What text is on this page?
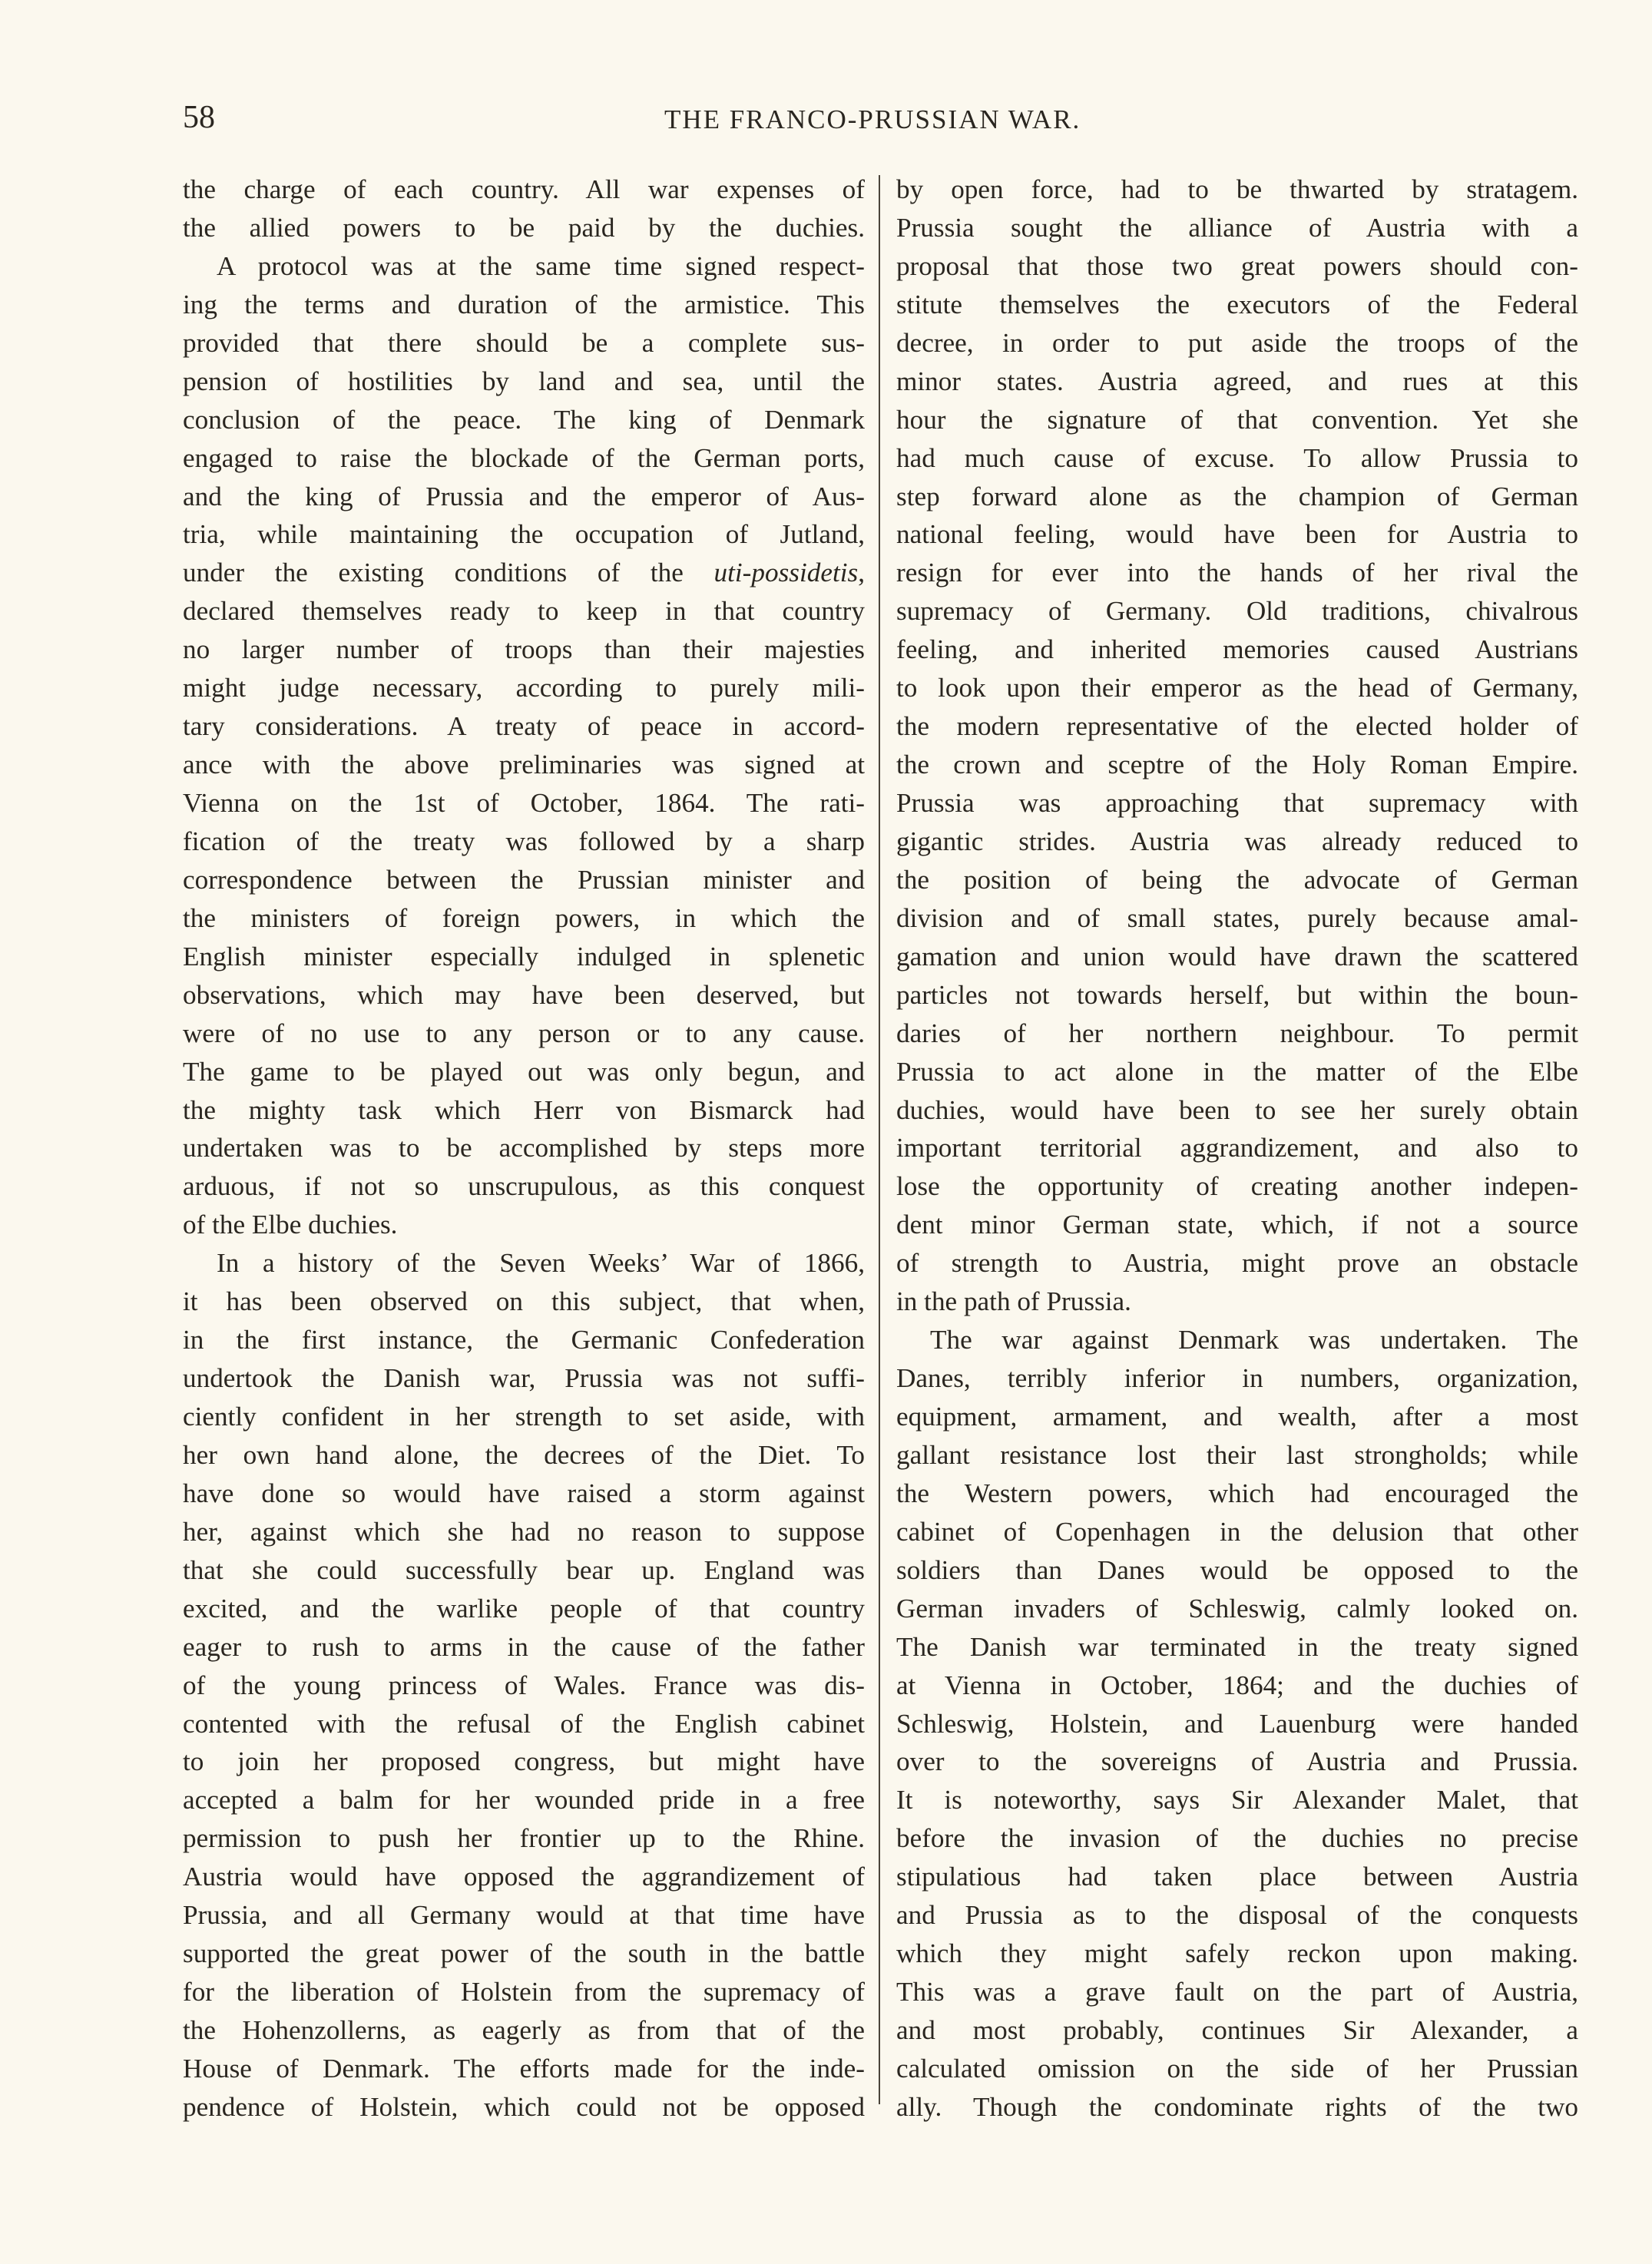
58	THE FRANCO-PRUSSIAN WAR.
the charge of each country. All war expenses of
the allied powers to be paid by the duchies.
A protocol was at the same time signed respect-
ing the terms and duration of the armistice. This
provided that there should be a complete sus-
pension of hostilities by land and sea, until the
conclusion of the peace. The king of Denmark
engaged to raise the blockade of the German ports,
and the king of Prussia and the emperor of Aus-
tria, while maintaining the occupation of Jutland,
under the existing conditions of the uti-possidetis,
declared themselves ready to keep in that country
no larger number of troops than their majesties
might judge necessary, according to purely mili-
tary considerations. A treaty of peace in accord-
ance with the above preliminaries was signed at
Vienna on the 1st of October, 1864. The rati-
fication of the treaty was followed by a sharp
correspondence between the Prussian minister and
the ministers of foreign powers, in which the
English minister especially indulged in splenetic
observations, which may have been deserved, but
were of no use to any person or to any cause.
The game to be played out was only begun, and
the mighty task which Herr von Bismarck had
undertaken was to be accomplished by steps more
arduous, if not so unscrupulous, as this conquest
of the Elbe duchies.
In a history of the Seven Weeks’ War of 1866,
it has been observed on this subject, that when,
in the first instance, the Germanic Confederation
undertook the Danish war, Prussia was not suffi-
ciently confident in her strength to set aside, with
her own hand alone, the decrees of the Diet. To
have done so would have raised a storm against
her, against which she had no reason to suppose
that she could successfully bear up. England was
excited, and the warlike people of that country
eager to rush to arms in the cause of the father
of the young princess of Wales. France was dis-
contented with the refusal of the English cabinet
to join her proposed congress, but might have
accepted a balm for her wounded pride in a free
permission to push her frontier up to the Rhine.
Austria would have opposed the aggrandizement of
Prussia, and all Germany would at that time have
supported the great power of the south in the battle
for the liberation of Holstein from the supremacy of
the Hohenzollerns, as eagerly as from that of the
House of Denmark. The efforts made for the inde-
pendence of Holstein, which could not be opposed
by open force, had to be thwarted by stratagem.
Prussia sought the alliance of Austria with a
proposal that those two great powers should con-
stitute themselves the executors of the Federal
decree, in order to put aside the troops of the
minor states. Austria agreed, and rues at this
hour the signature of that convention. Yet she
had much cause of excuse. To allow Prussia to
step forward alone as the champion of German
national feeling, would have been for Austria to
resign for ever into the hands of her rival the
supremacy of Germany. Old traditions, chivalrous
feeling, and inherited memories caused Austrians
to look upon their emperor as the head of Germany,
the modern representative of the elected holder of
the crown and sceptre of the Holy Roman Empire.
Prussia was approaching that supremacy with
gigantic strides. Austria was already reduced to
the position of being the advocate of German
division and of small states, purely because amal-
gamation and union would have drawn the scattered
particles not towards herself, but within the boun-
daries of her northern neighbour. To permit
Prussia to act alone in the matter of the Elbe
duchies, would have been to see her surely obtain
important territorial aggrandizement, and also to
lose the opportunity of creating another indepen-
dent minor German state, which, if not a source
of strength to Austria, might prove an obstacle
in the path of Prussia.
The war against Denmark was undertaken. The
Danes, terribly inferior in numbers, organization,
equipment, armament, and wealth, after a most
gallant resistance lost their last strongholds; while
the Western powers, which had encouraged the
cabinet of Copenhagen in the delusion that other
soldiers than Danes would be opposed to the
German invaders of Schleswig, calmly looked on.
The Danish war terminated in the treaty signed
at Vienna in October, 1864; and the duchies of
Schleswig, Holstein, and Lauenburg were handed
over to the sovereigns of Austria and Prussia.
It is noteworthy, says Sir Alexander Malet, that
before the invasion of the duchies no precise
stipulatious had taken place between Austria
and Prussia as to the disposal of the conquests
which they might safely reckon upon making.
This was a grave fault on the part of Austria,
and most probably, continues Sir Alexander, a
calculated omission on the side of her Prussian
ally. Though the condominate rights of the two
